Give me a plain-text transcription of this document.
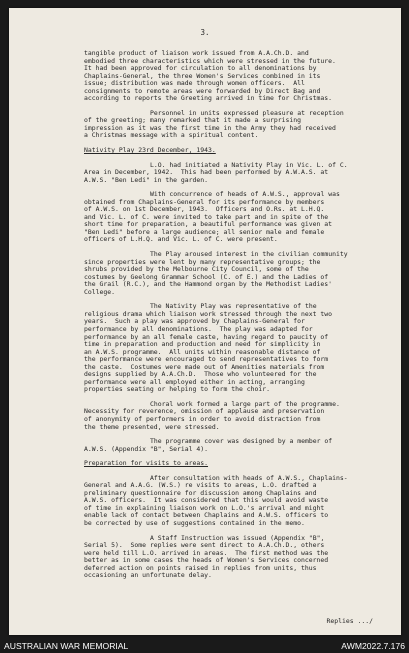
3.
tangible product of liaison work issued from A.A.Ch.D. and
embodied three characteristics which were stressed in the future.
It had been approved for circulation to all denominations by
Chaplains-General, the three Women's Services combined in its
issue; distribution was made through women officers.  All
consignments to remote areas were forwarded by Direct Bag and
according to reports the Greeting arrived in time for Christmas.
Personnel in units expressed pleasure at reception
of the greeting; many remarked that it made a surprising
impression as it was the first time in the Army they had received
a Christmas message with a spiritual content.
Nativity Play 23rd December, 1943.
L.O. had initiated a Nativity Play in Vic. L. of C.
Area in December, 1942.  This had been performed by A.W.A.S. at
A.W.S. "Ben Ledi" in the garden.
With concurrence of heads of A.W.S., approval was
obtained from Chaplains-General for its performance by members
of A.W.S. on 1st December, 1943.  Officers and O.Rs. at L.H.Q.
and Vic. L. of C. were invited to take part and in spite of the
short time for preparation, a beautiful performance was given at
"Ben Ledi" before a large audience; all senior male and female
officers of L.H.Q. and Vic. L. of C. were present.
The Play aroused interest in the civilian community
since properties were lent by many representative groups; the
shrubs provided by the Melbourne City Council, some of the
costumes by Geelong Grammar School (C. of E.) and the Ladies of
the Grail (R.C.), and the Hammond organ by the Methodist Ladies'
College.
The Nativity Play was representative of the
religious drama which liaison work stressed through the next two
years.  Such a play was approved by Chaplains-General for
performance by all denominations.  The play was adapted for
performance by an all female caste, having regard to paucity of
time in preparation and production and need for simplicity in
an A.W.S. programme.  All units within reasonable distance of
the performance were encouraged to send representatives to form
the caste.  Costumes were made out of Amenities materials from
designs supplied by A.A.Ch.D.  Those who volunteered for the
performance were all employed either in acting, arranging
properties seating or helping to form the choir.
Choral work formed a large part of the programme.
Necessity for reverence, omission of applause and preservation
of anonymity of performers in order to avoid distraction from
the theme presented, were stressed.
The programme cover was designed by a member of
A.W.S. (Appendix "B", Serial 4).
Preparation for visits to areas.
After consultation with heads of A.W.S., Chaplains-
General and A.A.G. (W.S.) re visits to areas, L.O. drafted a
preliminary questionnaire for discussion among Chaplains and
A.W.S. officers.  It was considered that this would avoid waste
of time in explaining liaison work on L.O.'s arrival and might
enable lack of contact between Chaplains and A.W.S. officers to
be corrected by use of suggestions contained in the memo.
A Staff Instruction was issued (Appendix "B",
Serial 5).  Some replies were sent direct to A.A.Ch.D., others
were held till L.O. arrived in areas.  The first method was the
better as in some cases the heads of Women's Services concerned
deferred action on points raised in replies from units, thus
occasioning an unfortunate delay.
Replies .../
AUSTRALIAN WAR MEMORIAL	AWM2022.7.176
